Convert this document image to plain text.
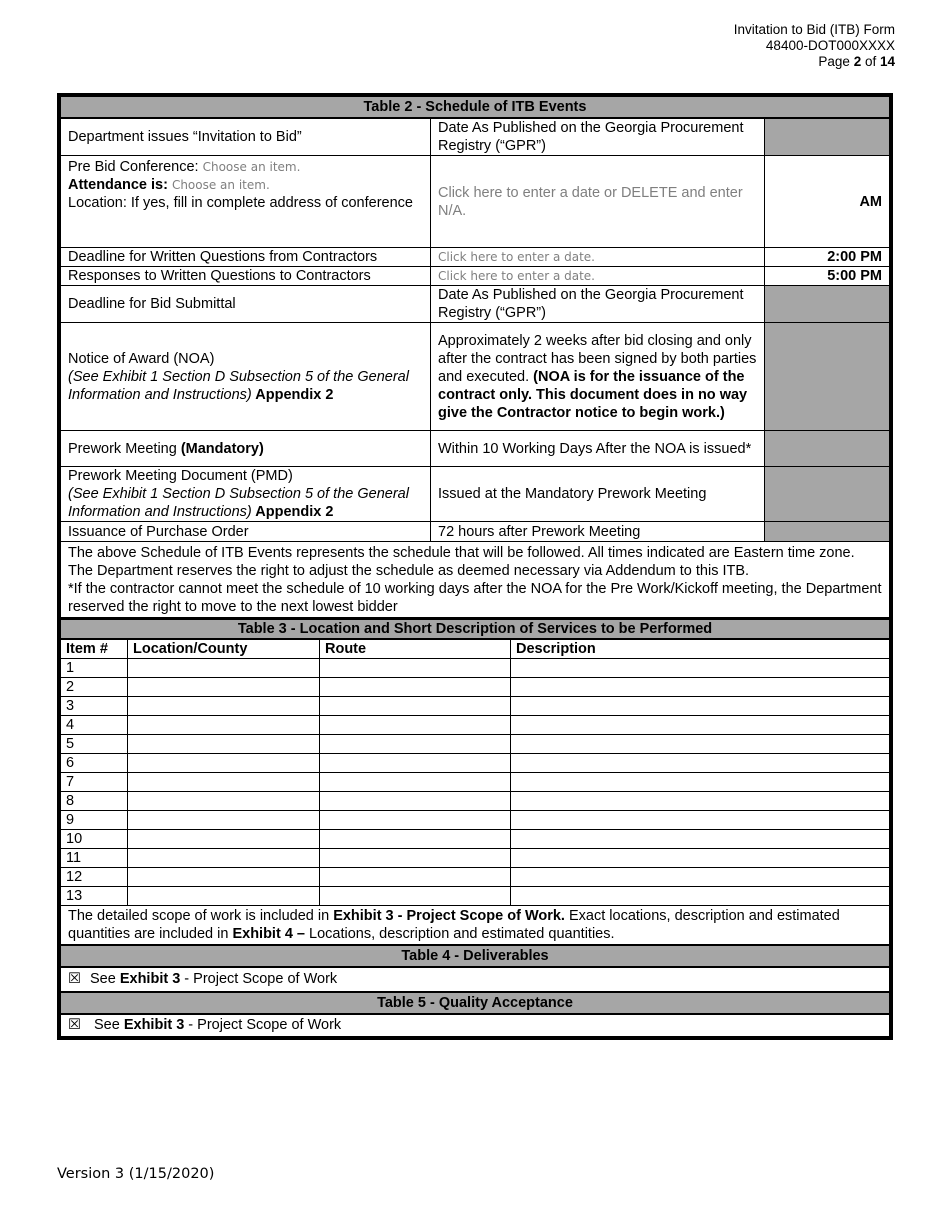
Invitation to Bid (ITB) Form
48400-DOT000XXXX
Page 2 of 14
Table 2 - Schedule of ITB Events		
Department issues “Invitation to Bid”	Date As Published on the Georgia Procurement Registry (“GPR”)	

Pre Bid Conference: Choose an item.
Attendance is: Choose an item.
Location: If yes, fill in complete address of conference	Click here to enter a date or DELETE and enter N/A.	AM
Deadline for Written Questions from Contractors	Click here to enter a date.	2:00 PM
Responses to Written Questions to Contractors	Click here to enter a date.	5:00 PM
Deadline for Bid Submittal	Date As Published on the Georgia Procurement Registry (“GPR”)	

Notice of Award (NOA)
(See Exhibit 1 Section D Subsection 5 of the General Information and Instructions) Appendix 2	Approximately 2 weeks after bid closing and only after the contract has been signed by both parties and executed. (NOA is for the issuance of the contract only. This document does in no way give the Contractor notice to begin work.)	
Prework Meeting (Mandatory)	Within 10 Working Days After the NOA is issued*	

Prework Meeting Document (PMD)
(See Exhibit 1 Section D Subsection 5 of the General Information and Instructions) Appendix 2	Issued at the Mandatory Prework Meeting	
Issuance of Purchase Order	72 hours after Prework Meeting	

The above Schedule of ITB Events represents the schedule that will be followed. All times indicated are Eastern time zone. The Department reserves the right to adjust the schedule as deemed necessary via Addendum to this ITB.
*If the contractor cannot meet the schedule of 10 working days after the NOA for the Pre Work/Kickoff meeting, the Department reserved the right to move to the next lowest bidder		
Table 3 - Location and Short Description of Services to be Performed			
Item #	Location/County	Route	Description
1			
2			
3			
4			
5			
6			
7			
8			
9			
10			
11			
12			
13			
The detailed scope of work is included in Exhibit 3 - Project Scope of Work. Exact locations, description and estimated quantities are included in Exhibit 4 – Locations, description and estimated quantities.			
Table 4 - Deliverables
☒ See Exhibit 3 - Project Scope of Work
Table 5 - Quality Acceptance
☒ See Exhibit 3 - Project Scope of Work
Version 3 (1/15/2020)
